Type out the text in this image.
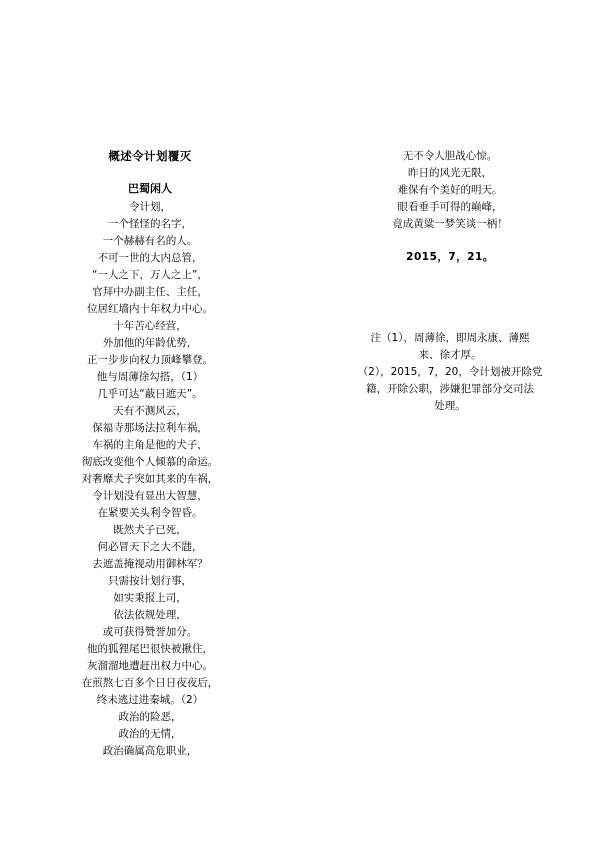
概述令计划覆灭
巴蜀闲人
令计划，
一个怪怪的名字，
一个赫赫有名的人。
不可一世的大内总管，
“一人之下，万人之上”，
官拜中办副主任、主任，
位居红墙内十年权力中心。
十年苦心经营，
外加他的年龄优势，
正一步步向权力顶峰攀登。
他与周薄徐勾搭，（1）
几乎可达“蔽日遮天”。
天有不测风云，
保福寺那场法拉利车祸，
车祸的主角是他的犬子，
彻底改变他个人倾慕的命运。
对奢靡犬子突如其来的车祸，
令计划没有显出大智慧，
在紧要关头利令智昏。
既然犬子已死，
何必冒天下之大不韪，
去遮盖掩视动用御林军？
只需按计划行事，
如实秉报上司，
依法依规处理，
或可获得赞誉加分。
他的狐狸尾巴很快被揪住，
灰溜溜地遭赶出权力中心。
在煎熬七百多个日日夜夜后，
终未逃过进秦城。（2）
政治的险恶，
政治的无情，
政治确属高危职业，
无不令人胆战心惊。
昨日的风光无限，
难保有个美好的明天。
眼看垂手可得的巅峰，
竟成黄粱一梦笑谈一柄！
2015，7，21。
注（1），周薄徐，即周永康、薄熙
来、徐才厚。
（2），2015，7，20，令计划被开除党
籍，开除公职，涉嫌犯罪部分交司法
处理。
